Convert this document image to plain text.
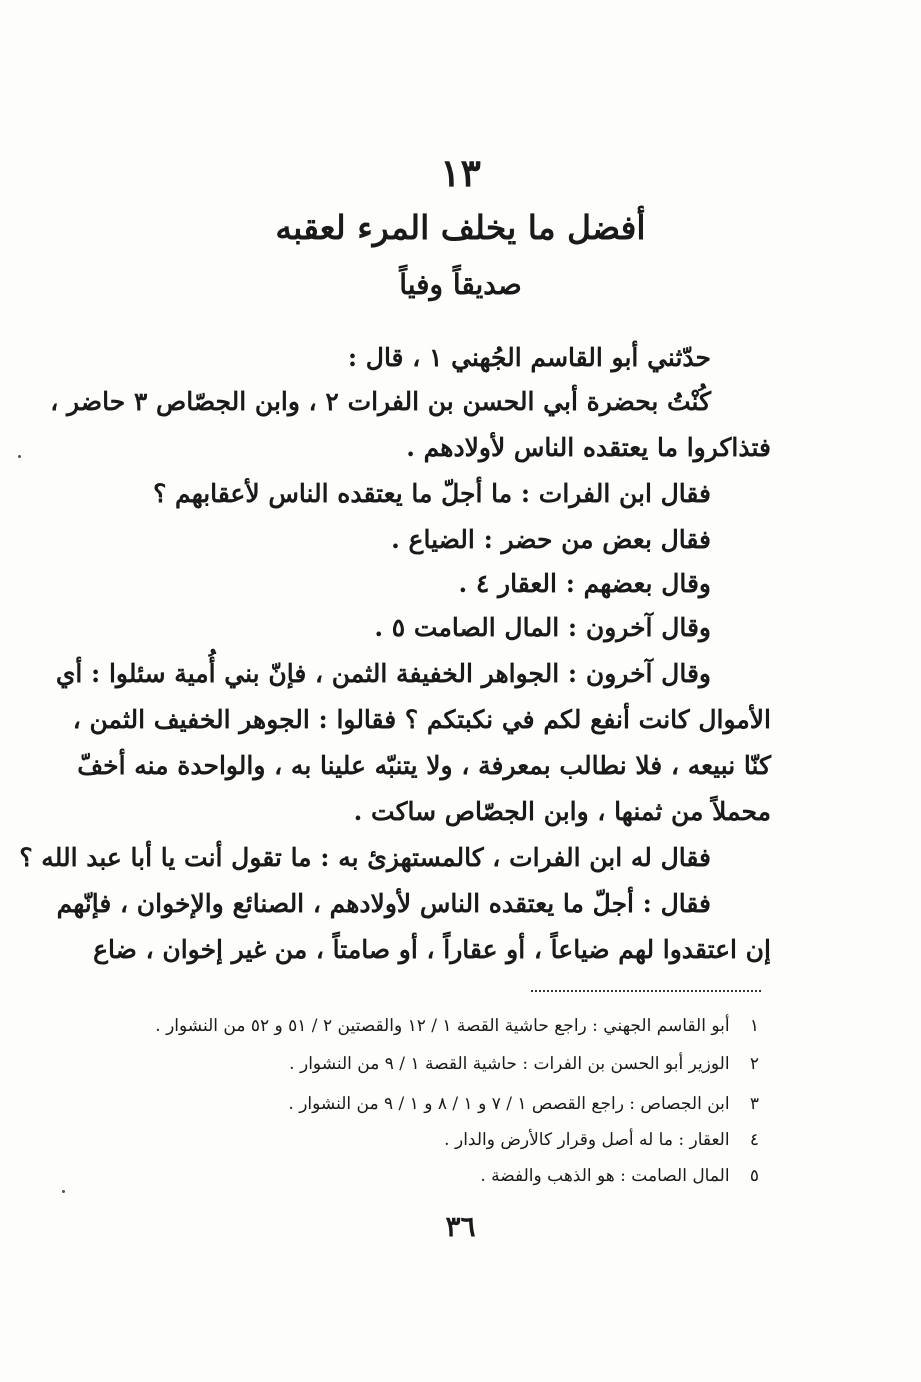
١٣
أفضل ما يخلف المرء لعقبه
صديقاً وفياً
حدّثني أبو القاسم الجُهني ١ ، قال :
كُنْتُ بحضرة أبي الحسن بن الفرات ٢ ، وابن الجصّاص ٣ حاضر ،
فتذاكروا ما يعتقده الناس لأولادهم .
فقال ابن الفرات : ما أجلّ ما يعتقده الناس لأعقابهم ؟
فقال بعض من حضر : الضياع .
وقال بعضهم : العقار ٤ .
وقال آخرون : المال الصامت ٥ .
وقال آخرون : الجواهر الخفيفة الثمن ، فإنّ بني أُمية سئلوا : أي
الأموال كانت أنفع لكم في نكبتكم ؟ فقالوا : الجوهر الخفيف الثمن ،
كنّا نبيعه ، فلا نطالب بمعرفة ، ولا يتنبّه علينا به ، والواحدة منه أخفّ
محملاً من ثمنها ، وابن الجصّاص ساكت .
فقال له ابن الفرات ، كالمستهزئ به : ما تقول أنت يا أبا عبد الله ؟
فقال : أجلّ ما يعتقده الناس لأولادهم ، الصنائع والإخوان ، فإنّهم
إن اعتقدوا لهم ضياعاً ، أو عقاراً ، أو صامتاً ، من غير إخوان ، ضاع
١ أبو القاسم الجهني : راجع حاشية القصة ١ / ١٢ والقصتين ٢ / ٥١ و ٥٢ من النشوار .
٢ الوزير أبو الحسن بن الفرات : حاشية القصة ١ / ٩ من النشوار .
٣ ابن الجصاص : راجع القصص ١ / ٧ و ١ / ٨ و ١ / ٩ من النشوار .
٤ العقار : ما له أصل وقرار كالأرض والدار .
٥ المال الصامت : هو الذهب والفضة .
٣٦
